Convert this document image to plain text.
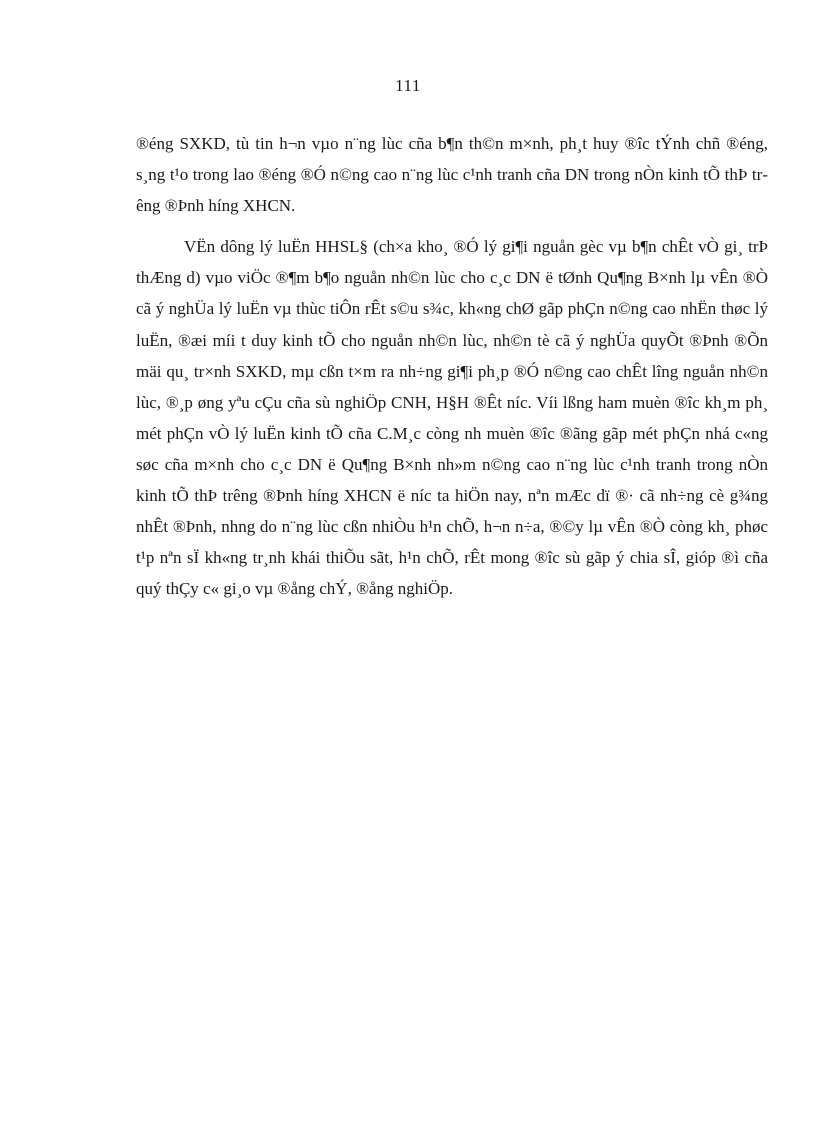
111

®éng SXKD, tù tin h¬n vµo n¨ng lùc cña b¶n th©n m×nh, ph¸t huy ®îc tÝnh chñ ®éng, s¸ng t¹o trong lao ®éng ®Ó n©ng cao n¨ng lùc c¹nh tranh cña DN trong nÒn kinh tÕ thÞ trêng ®Þnh híng XHCN.

VËn dông lý luËn HHSL§ (ch×a kho¸ ®Ó lý gi¶i nguån gèc vµ b¶n chÊt vÒ gi¸ trÞ thÆng d) vµo viÖc ®¶m b¶o nguån nh©n lùc cho c¸c DN ë tØnh Qu¶ng B×nh lµ vÊn ®Ò cã ý nghÜa lý luËn vµ thùc tiÔn rÊt s©u s¾c, kh«ng chØ gãp phÇn n©ng cao nhËn thøc lý luËn, ®æi míi t duy kinh tÕ cho nguån nh©n lùc, nh©n tè cã ý nghÜa quyÕt ®Þnh ®Õn mäi qu¸ tr×nh SXKD, mµ cßn t×m ra nh÷ng gi¶i ph¸p ®Ó n©ng cao chÊt lîng nguån nh©n lùc, ®¸p øng yªu cÇu cña sù nghiÖp CNH, H§H ®Êt níc. Víi lßng ham muèn ®îc kh¸m ph¸ mét phÇn vÒ lý luËn kinh tÕ cña C.M¸c còng nh muèn ®îc ®ãng gãp mét phÇn nhá c«ng søc cña m×nh cho c¸c DN ë Qu¶ng B×nh nh»m n©ng cao n¨ng lùc c¹nh tranh trong nÒn kinh tÕ thÞ trêng ®Þnh híng XHCN ë níc ta hiÖn nay, nªn mÆc dï ®· cã nh÷ng cè g¾ng nhÊt ®Þnh, nhng do n¨ng lùc cßn nhiÒu h¹n chÕ, h¬n n÷a, ®©y lµ vÊn ®Ò còng kh¸ phøc t¹p nªn sÏ kh«ng tr¸nh khái thiÕu sãt, h¹n chÕ, rÊt mong ®îc sù gãp ý chia sÎ, gióp ®ì cña quý thÇy c« gi¸o vµ ®ång chÝ, ®ång nghiÖp.
